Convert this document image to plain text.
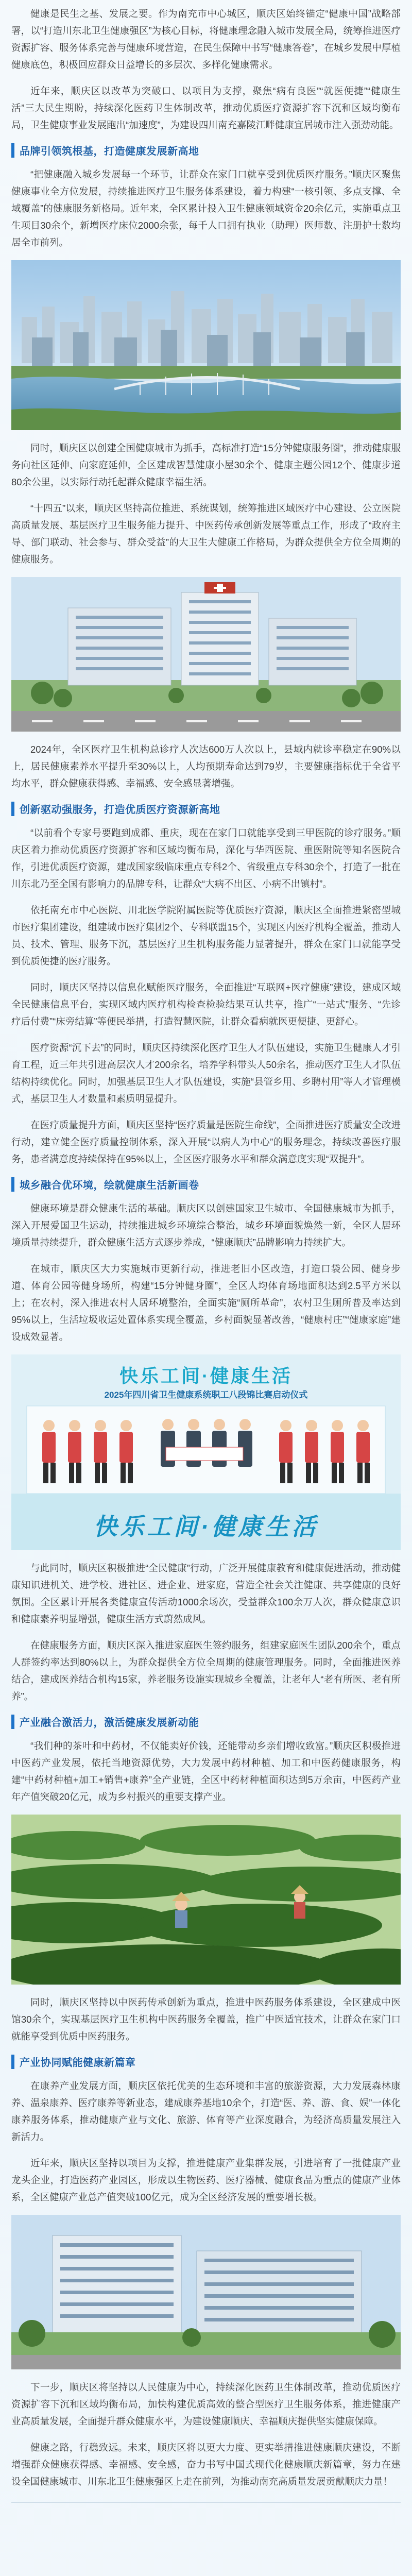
健康是民生之基、发展之要。作为南充市中心城区，顺庆区始终锚定“健康中国”战略部署，以“打造川东北卫生健康强区”为核心目标，将健康理念融入城市发展全局，统筹推进医疗资源扩容、服务体系完善与健康环境营造，在民生保障中书写“健康答卷”，在城乡发展中厚植健康底色，积极回应群众日益增长的多层次、多样化健康需求。

近年来，顺庆区以改革为突破口、以项目为支撑，聚焦“病有良医”“就医便捷”“健康生活”三大民生期盼，持续深化医药卫生体制改革，推动优质医疗资源扩容下沉和区域均衡布局，卫生健康事业发展跑出“加速度”，为建设四川南充嘉陵江畔健康宜居城市注入强劲动能。

品牌引领筑根基，打造健康发展新高地

“把健康融入城乡发展每一个环节，让群众在家门口就享受到优质医疗服务。”顺庆区聚焦健康事业全方位发展，持续推进医疗卫生服务体系建设，着力构建“一核引领、多点支撑、全域覆盖”的健康服务新格局。近年来，全区累计投入卫生健康领域资金20余亿元，实施重点卫生项目30余个，新增医疗床位2000余张，每千人口拥有执业（助理）医师数、注册护士数均居全市前列。

同时，顺庆区以创建全国健康城市为抓手，高标准打造“15分钟健康服务圈”，推动健康服务向社区延伸、向家庭延伸，全区建成智慧健康小屋30余个、健康主题公园12个、健康步道80余公里，以实际行动托起群众健康幸福生活。

“十四五”以来，顺庆区坚持高位推进、系统谋划，统筹推进区域医疗中心建设、公立医院高质量发展、基层医疗卫生服务能力提升、中医药传承创新发展等重点工作，形成了“政府主导、部门联动、社会参与、群众受益”的大卫生大健康工作格局，为群众提供全方位全周期的健康服务。

2024年，全区医疗卫生机构总诊疗人次达600万人次以上，县域内就诊率稳定在90%以上，居民健康素养水平提升至30%以上，人均预期寿命达到79岁，主要健康指标优于全省平均水平，群众健康获得感、幸福感、安全感显著增强。

创新驱动强服务，打造优质医疗资源新高地

“以前看个专家号要跑到成都、重庆，现在在家门口就能享受到三甲医院的诊疗服务。”顺庆区着力推动优质医疗资源扩容和区域均衡布局，深化与华西医院、重医附院等知名医院合作，引进优质医疗资源，建成国家级临床重点专科2个、省级重点专科30余个，打造了一批在川东北乃至全国有影响力的品牌专科，让群众“大病不出区、小病不出镇村”。

依托南充市中心医院、川北医学院附属医院等优质医疗资源，顺庆区全面推进紧密型城市医疗集团建设，组建城市医疗集团2个、专科联盟15个，实现区内医疗机构全覆盖，推动人员、技术、管理、服务下沉，基层医疗卫生机构服务能力显著提升，群众在家门口就能享受到优质便捷的医疗服务。

同时，顺庆区坚持以信息化赋能医疗服务，全面推进“互联网+医疗健康”建设，建成区域全民健康信息平台，实现区域内医疗机构检查检验结果互认共享，推广“一站式”服务、“先诊疗后付费”“床旁结算”等便民举措，打造智慧医院，让群众看病就医更便捷、更舒心。

医疗资源“沉下去”的同时，顺庆区持续深化医疗卫生人才队伍建设，实施卫生健康人才引育工程，近三年共引进高层次人才200余名，培养学科带头人50余名，推动医疗卫生人才队伍结构持续优化。同时，加强基层卫生人才队伍建设，实施“县管乡用、乡聘村用”等人才管理模式，基层卫生人才数量和素质明显提升。

在医疗质量提升方面，顺庆区坚持“医疗质量是医院生命线”，全面推进医疗质量安全改进行动，建立健全医疗质量控制体系，深入开展“以病人为中心”的服务理念，持续改善医疗服务，患者满意度持续保持在95%以上，全区医疗服务水平和群众满意度实现“双提升”。

城乡融合优环境，绘就健康生活新画卷

健康环境是群众健康生活的基础。顺庆区以创建国家卫生城市、全国健康城市为抓手，深入开展爱国卫生运动，持续推进城乡环境综合整治，城乡环境面貌焕然一新，全区人居环境质量持续提升，群众健康生活方式逐步养成，“健康顺庆”品牌影响力持续扩大。

在城市，顺庆区大力实施城市更新行动，推进老旧小区改造，打造口袋公园、健身步道、体育公园等健身场所，构建“15分钟健身圈”，全区人均体育场地面积达到2.5平方米以上；在农村，深入推进农村人居环境整治，全面实施“厕所革命”，农村卫生厕所普及率达到95%以上，生活垃圾收运处置体系实现全覆盖，乡村面貌显著改善，“健康村庄”“健康家庭”建设成效显著。

快乐工间·健康生活
2025年四川省卫生健康系统职工八段锦比赛启动仪式
快乐工间·健康生活

与此同时，顺庆区积极推进“全民健康”行动，广泛开展健康教育和健康促进活动，推动健康知识进机关、进学校、进社区、进企业、进家庭，营造全社会关注健康、共享健康的良好氛围。全区累计开展各类健康宣传活动1000余场次，受益群众100余万人次，群众健康意识和健康素养明显增强，健康生活方式蔚然成风。

在健康服务方面，顺庆区深入推进家庭医生签约服务，组建家庭医生团队200余个，重点人群签约率达到80%以上，为群众提供全方位全周期的健康管理服务。同时，全面推进医养结合，建成医养结合机构15家，养老服务设施实现城乡全覆盖，让老年人“老有所医、老有所养”。

产业融合激活力，激活健康发展新动能

“我们种的茶叶和中药材，不仅能卖好价钱，还能带动乡亲们增收致富。”顺庆区积极推进中医药产业发展，依托当地资源优势，大力发展中药材种植、加工和中医药健康服务，构建“中药材种植+加工+销售+康养”全产业链，全区中药材种植面积达到5万余亩，中医药产业年产值突破20亿元，成为乡村振兴的重要支撑产业。

同时，顺庆区坚持以中医药传承创新为重点，推进中医药服务体系建设，全区建成中医馆30余个，实现基层医疗卫生机构中医药服务全覆盖，推广中医适宜技术，让群众在家门口就能享受到优质中医药服务。

产业协同赋能健康新篇章

在康养产业发展方面，顺庆区依托优美的生态环境和丰富的旅游资源，大力发展森林康养、温泉康养、医疗康养等新业态，建成康养基地10余个，打造“医、养、游、食、娱”一体化康养服务体系，推动健康产业与文化、旅游、体育等产业深度融合，为经济高质量发展注入新活力。

近年来，顺庆区坚持以项目为支撑，推进健康产业集群发展，引进培育了一批健康产业龙头企业，打造医药产业园区，形成以生物医药、医疗器械、健康食品为重点的健康产业体系，全区健康产业总产值突破100亿元，成为全区经济发展的重要增长极。

下一步，顺庆区将坚持以人民健康为中心，持续深化医药卫生体制改革，推动优质医疗资源扩容下沉和区域均衡布局，加快构建优质高效的整合型医疗卫生服务体系，推进健康产业高质量发展，全面提升群众健康水平，为建设健康顺庆、幸福顺庆提供坚实健康保障。

健康之路，行稳致远。未来，顺庆区将以更大力度、更实举措推进健康顺庆建设，不断增强群众健康获得感、幸福感、安全感，奋力书写中国式现代化健康顺庆新篇章，努力在建设全国健康城市、川东北卫生健康强区上走在前列，为推动南充高质量发展贡献顺庆力量！
